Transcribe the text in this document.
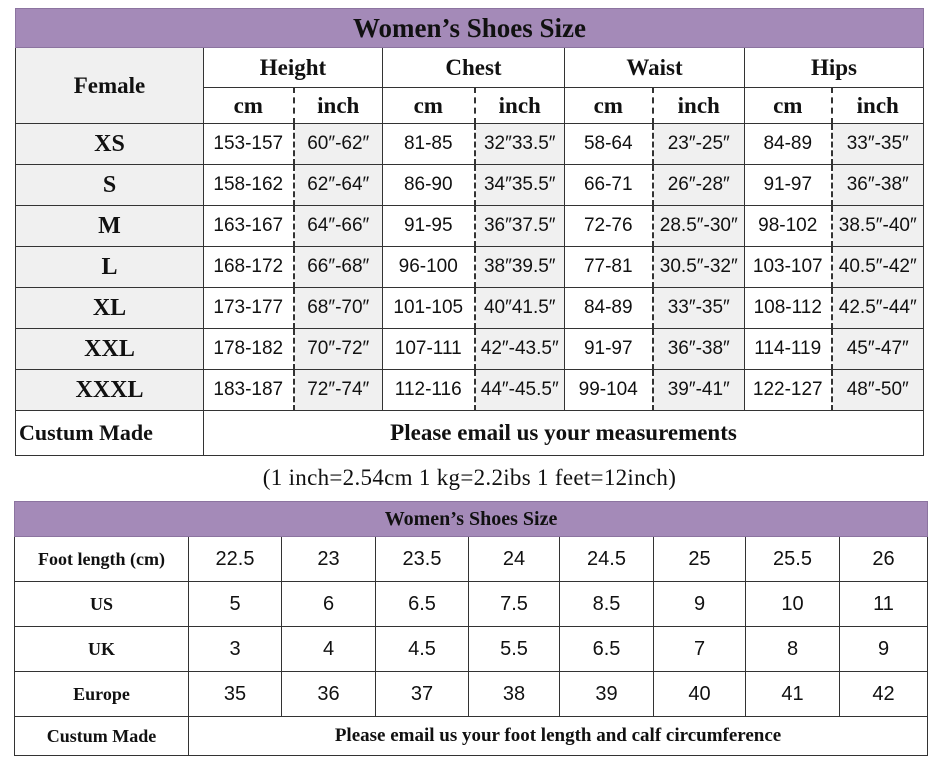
Women’s Shoes Size								
Female	Height		Chest		Waist		Hips	
	cm	inch	cm	inch	cm	inch	cm	inch
XS	153-157	60″-62″	81-85	32″33.5″	58-64	23″-25″	84-89	33″-35″
S	158-162	62″-64″	86-90	34″35.5″	66-71	26″-28″	91-97	36″-38″
M	163-167	64″-66″	91-95	36″37.5″	72-76	28.5″-30″	98-102	38.5″-40″
L	168-172	66″-68″	96-100	38″39.5″	77-81	30.5″-32″	103-107	40.5″-42″
XL	173-177	68″-70″	101-105	40″41.5″	84-89	33″-35″	108-112	42.5″-44″
XXL	178-182	70″-72″	107-111	42″-43.5″	91-97	36″-38″	114-119	45″-47″
XXXL	183-187	72″-74″	112-116	44″-45.5″	99-104	39″-41″	122-127	48″-50″
Custum Made	Please email us your measurements							
(1 inch=2.54cm 1 kg=2.2ibs 1 feet=12inch)
Women’s Shoes Size								
Foot length (cm)	22.5	23	23.5	24	24.5	25	25.5	26
US	5	6	6.5	7.5	8.5	9	10	11
UK	3	4	4.5	5.5	6.5	7	8	9
Europe	35	36	37	38	39	40	41	42
Custum Made	Please email us your foot length and calf circumference							
